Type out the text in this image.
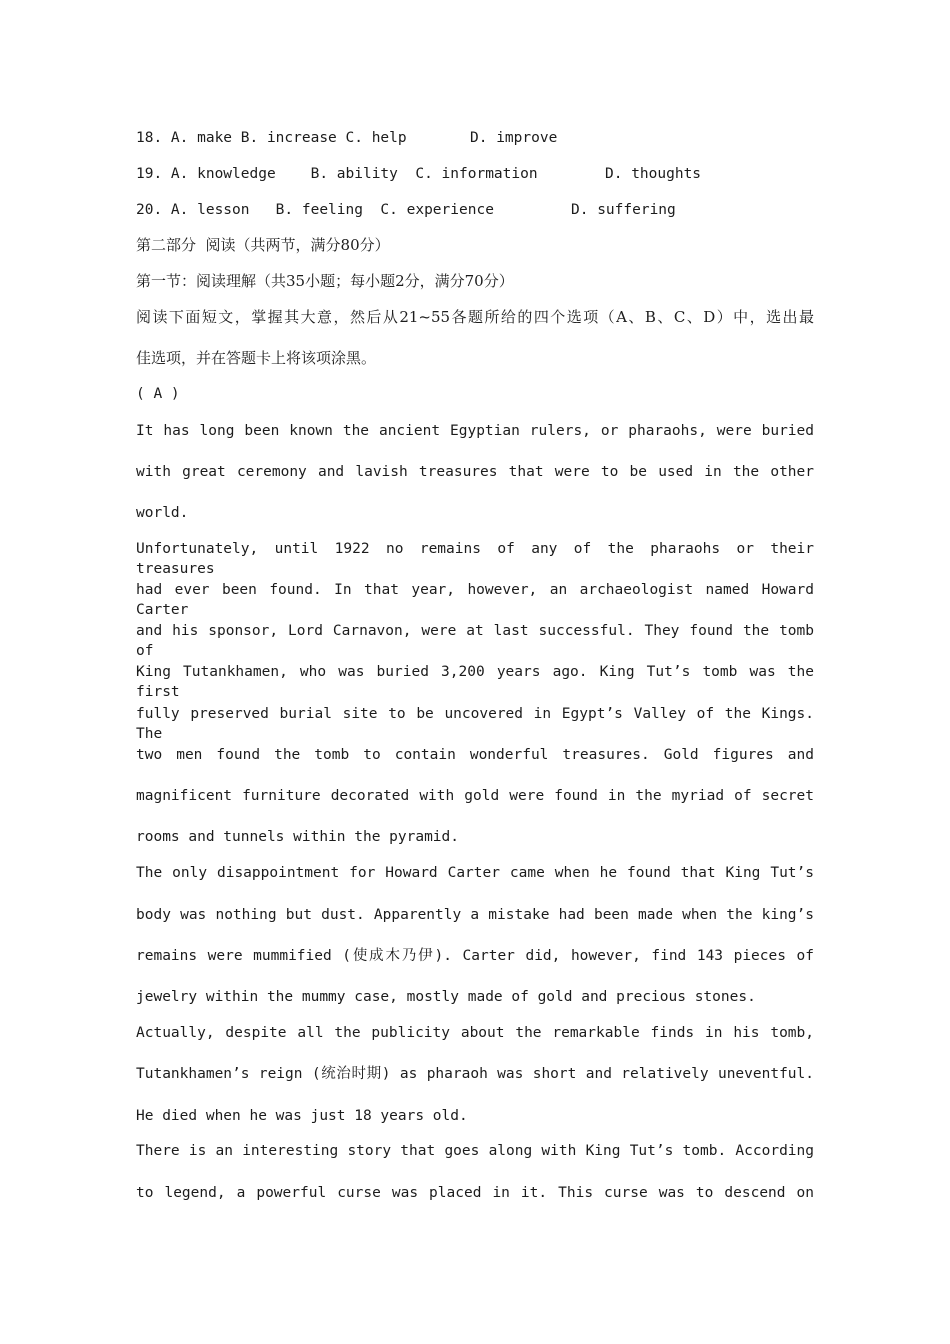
18. A. make B. increase C. help	D. improve
19. A. knowledge    B. ability  C. information	D. thoughts
20. A. lesson   B. feeling  C. experience	D. suffering
第二部分  阅读（共两节，满分80分）
第一节：阅读理解（共35小题；每小题2分，满分70分）
阅读下面短文，掌握其大意，然后从21~55各题所给的四个选项（A、B、C、D）中，选出最
佳选项，并在答题卡上将该项涂黑。
( A )
It has long been known the ancient Egyptian rulers, or pharaohs, were buried
with great ceremony and lavish treasures that were to be used in the other
world.
Unfortunately, until 1922 no remains of any of the pharaohs or their treasures
had ever been found. In that year, however, an archaeologist named Howard Carter
and his sponsor, Lord Carnavon, were at last successful. They found the tomb of
King Tutankhamen, who was buried 3,200 years ago. King Tut’s tomb was the first
fully preserved burial site to be uncovered in Egypt’s Valley of the Kings. The
two men found the tomb to contain wonderful treasures. Gold figures and
magnificent furniture decorated with gold were found in the myriad of secret
rooms and tunnels within the pyramid.
The only disappointment for Howard Carter came when he found that King Tut’s
body was nothing but dust. Apparently a mistake had been made when the king’s
remains were mummified (使成木乃伊). Carter did, however, find 143 pieces of
jewelry within the mummy case, mostly made of gold and precious stones.
Actually, despite all the publicity about the remarkable finds in his tomb,
Tutankhamen’s reign (统治时期) as pharaoh was short and relatively uneventful.
He died when he was just 18 years old.
There is an interesting story that goes along with King Tut’s tomb. According
to legend, a powerful curse was placed in it. This curse was to descend on
